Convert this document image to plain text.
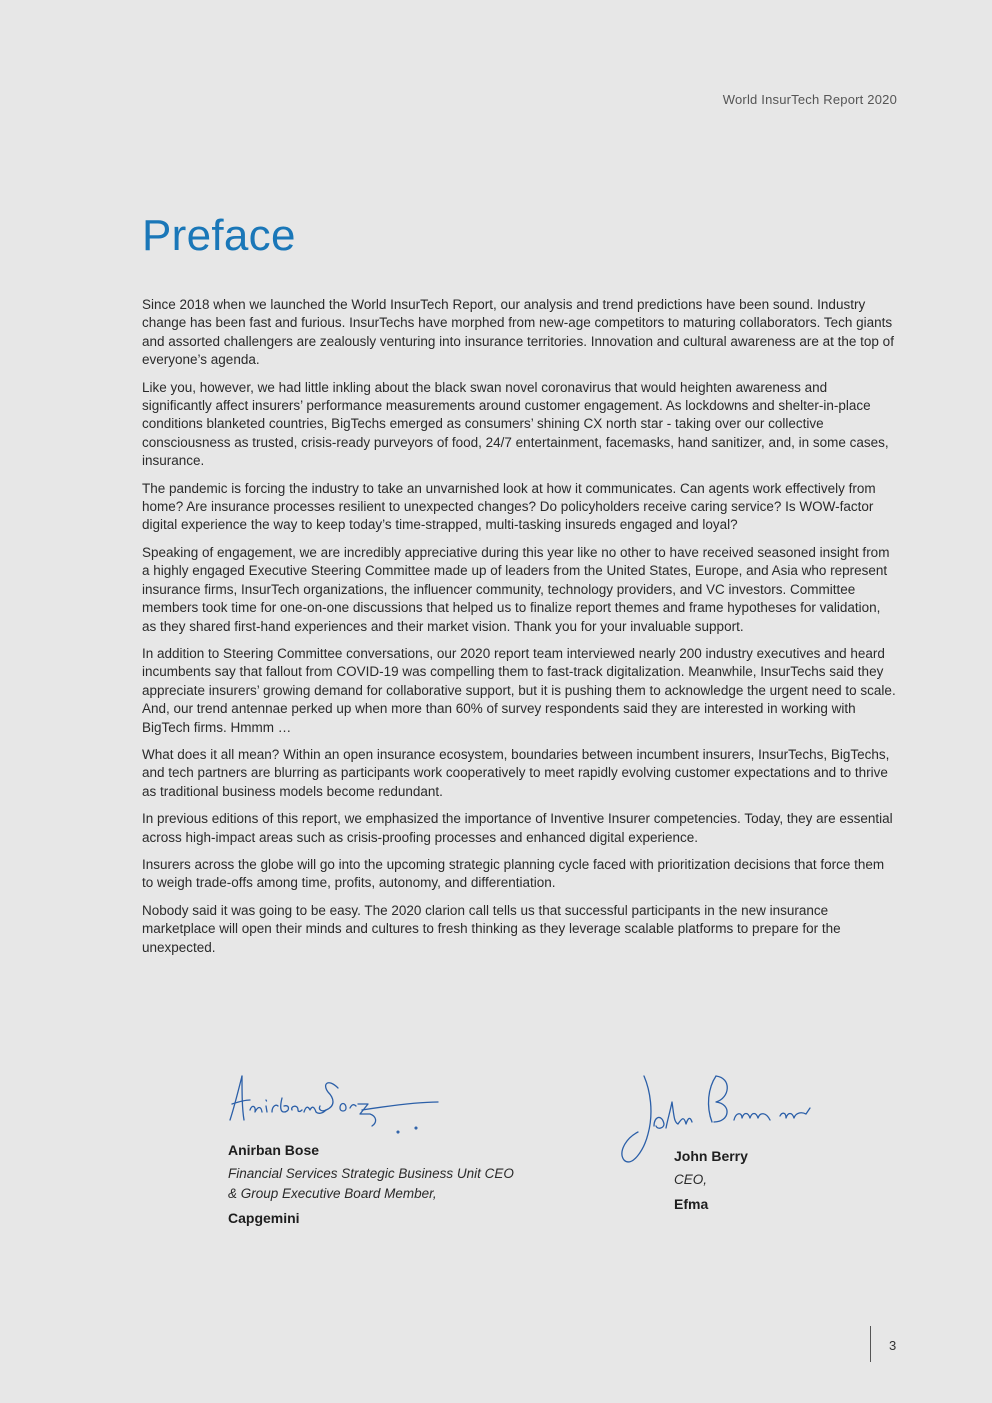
World InsurTech Report 2020
Preface

Since 2018 when we launched the World InsurTech Report, our analysis and trend predictions have been sound. Industry change has been fast and furious. InsurTechs have morphed from new-age competitors to maturing collaborators. Tech giants and assorted challengers are zealously venturing into insurance territories. Innovation and cultural awareness are at the top of everyone’s agenda.

Like you, however, we had little inkling about the black swan novel coronavirus that would heighten awareness and significantly affect insurers’ performance measurements around customer engagement. As lockdowns and shelter-in-place conditions blanketed countries, BigTechs emerged as consumers’ shining CX north star - taking over our collective consciousness as trusted, crisis-ready purveyors of food, 24/7 entertainment, facemasks, hand sanitizer, and, in some cases, insurance.

The pandemic is forcing the industry to take an unvarnished look at how it communicates. Can agents work effectively from home? Are insurance processes resilient to unexpected changes? Do policyholders receive caring service? Is WOW-factor digital experience the way to keep today’s time-strapped, multi-tasking insureds engaged and loyal?

Speaking of engagement, we are incredibly appreciative during this year like no other to have received seasoned insight from a highly engaged Executive Steering Committee made up of leaders from the United States, Europe, and Asia who represent insurance firms, InsurTech organizations, the influencer community, technology providers, and VC investors. Committee members took time for one-on-one discussions that helped us to finalize report themes and frame hypotheses for validation, as they shared first-hand experiences and their market vision. Thank you for your invaluable support.

In addition to Steering Committee conversations, our 2020 report team interviewed nearly 200 industry executives and heard incumbents say that fallout from COVID-19 was compelling them to fast-track digitalization. Meanwhile, InsurTechs said they appreciate insurers’ growing demand for collaborative support, but it is pushing them to acknowledge the urgent need to scale. And, our trend antennae perked up when more than 60% of survey respondents said they are interested in working with BigTech firms. Hmmm …

What does it all mean? Within an open insurance ecosystem, boundaries between incumbent insurers, InsurTechs, BigTechs, and tech partners are blurring as participants work cooperatively to meet rapidly evolving customer expectations and to thrive as traditional business models become redundant.

In previous editions of this report, we emphasized the importance of Inventive Insurer competencies. Today, they are essential across high-impact areas such as crisis-proofing processes and enhanced digital experience.

Insurers across the globe will go into the upcoming strategic planning cycle faced with prioritization decisions that force them to weigh trade-offs among time, profits, autonomy, and differentiation.

Nobody said it was going to be easy. The 2020 clarion call tells us that successful participants in the new insurance marketplace will open their minds and cultures to fresh thinking as they leverage scalable platforms to prepare for the unexpected.

Anirban Bose
Financial Services Strategic Business Unit CEO
& Group Executive Board Member,
Capgemini
John Berry
CEO,
Efma
3
